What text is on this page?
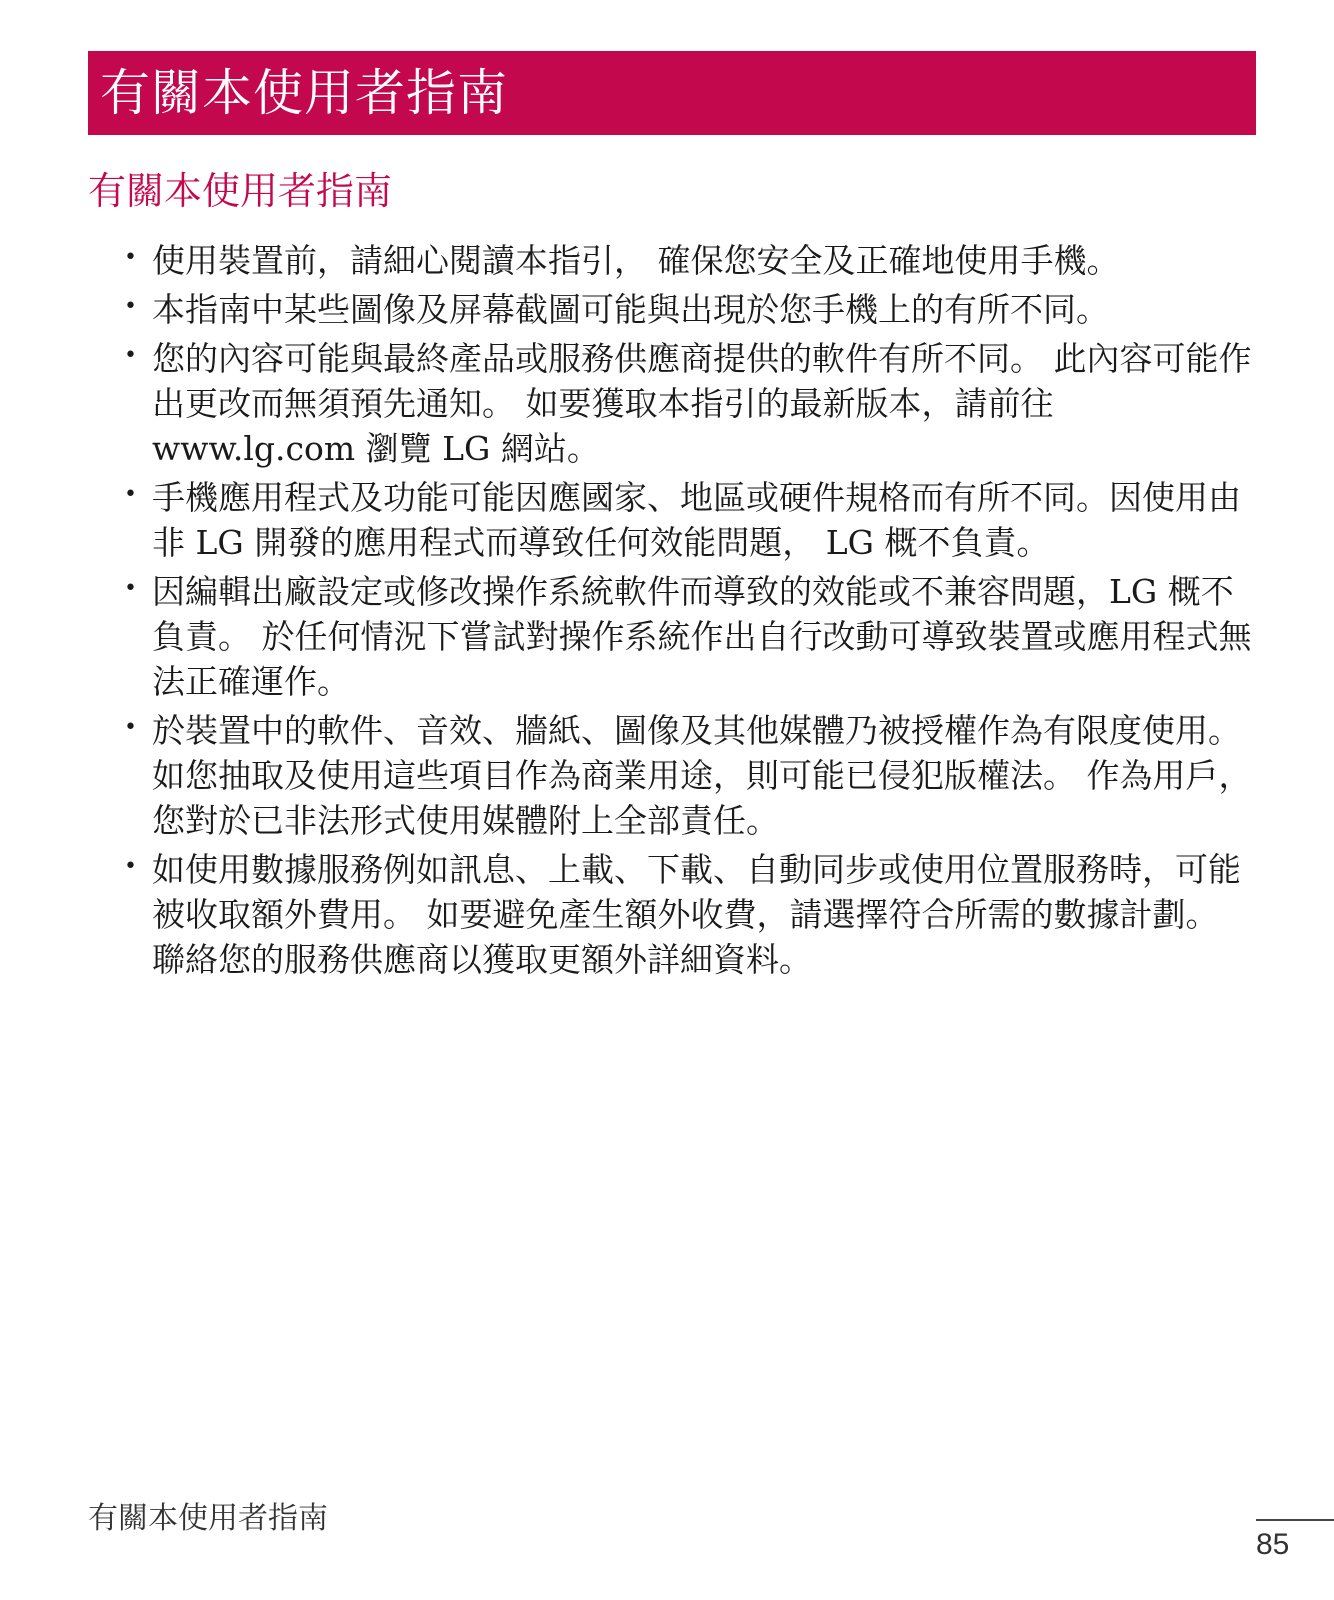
有關本使用者指南
有關本使用者指南
• 使用裝置前，請細心閱讀本指引， 確保您安全及正確地使用手機。
• 本指南中某些圖像及屏幕截圖可能與出現於您手機上的有所不同。
• 您的內容可能與最終產品或服務供應商提供的軟件有所不同。 此內容可能作出更改而無須預先通知。 如要獲取本指引的最新版本，請前往 www.lg.com 瀏覽 LG 網站。
• 手機應用程式及功能可能因應國家、地區或硬件規格而有所不同。因使用由非 LG 開發的應用程式而導致任何效能問題， LG 概不負責。
• 因編輯出廠設定或修改操作系統軟件而導致的效能或不兼容問題，LG 概不負責。 於任何情況下嘗試對操作系統作出自行改動可導致裝置或應用程式無法正確運作。
• 於裝置中的軟件、音效、牆紙、圖像及其他媒體乃被授權作為有限度使用。 如您抽取及使用這些項目作為商業用途，則可能已侵犯版權法。 作為用戶，您對於已非法形式使用媒體附上全部責任。
• 如使用數據服務例如訊息、上載、下載、自動同步或使用位置服務時，可能被收取額外費用。 如要避免產生額外收費，請選擇符合所需的數據計劃。 聯絡您的服務供應商以獲取更額外詳細資料。
有關本使用者指南
85
